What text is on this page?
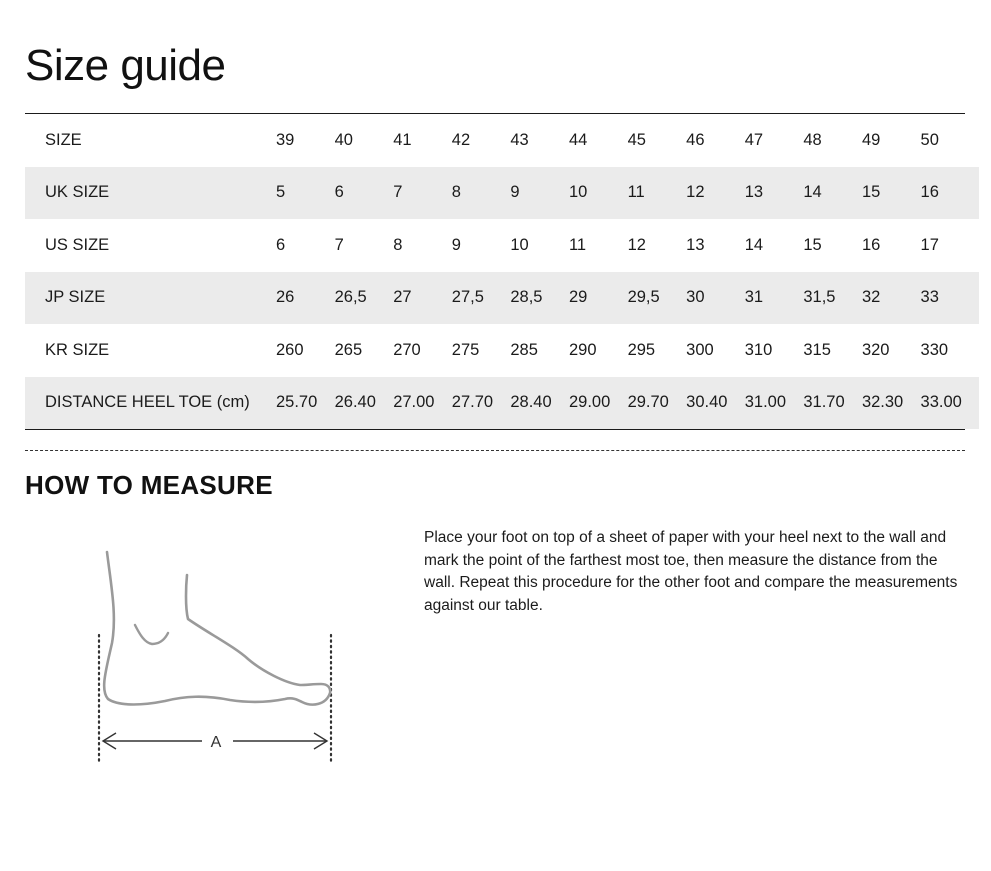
Size guide
SIZE	39	40	41	42	43	44	45	46	47	48	49	50
UK SIZE	5	6	7	8	9	10	11	12	13	14	15	16
US SIZE	6	7	8	9	10	11	12	13	14	15	16	17
JP SIZE	26	26,5	27	27,5	28,5	29	29,5	30	31	31,5	32	33
KR SIZE	260	265	270	275	285	290	295	300	310	315	320	330
DISTANCE HEEL TOE (cm)	25.70	26.40	27.00	27.70	28.40	29.00	29.70	30.40	31.00	31.70	32.30	33.00
HOW TO MEASURE
A

Place your foot on top of a sheet of paper with your heel next to the wall and mark the point of the farthest most toe, then measure the distance from the wall. Repeat this procedure for the other foot and compare the measurements against our table.
